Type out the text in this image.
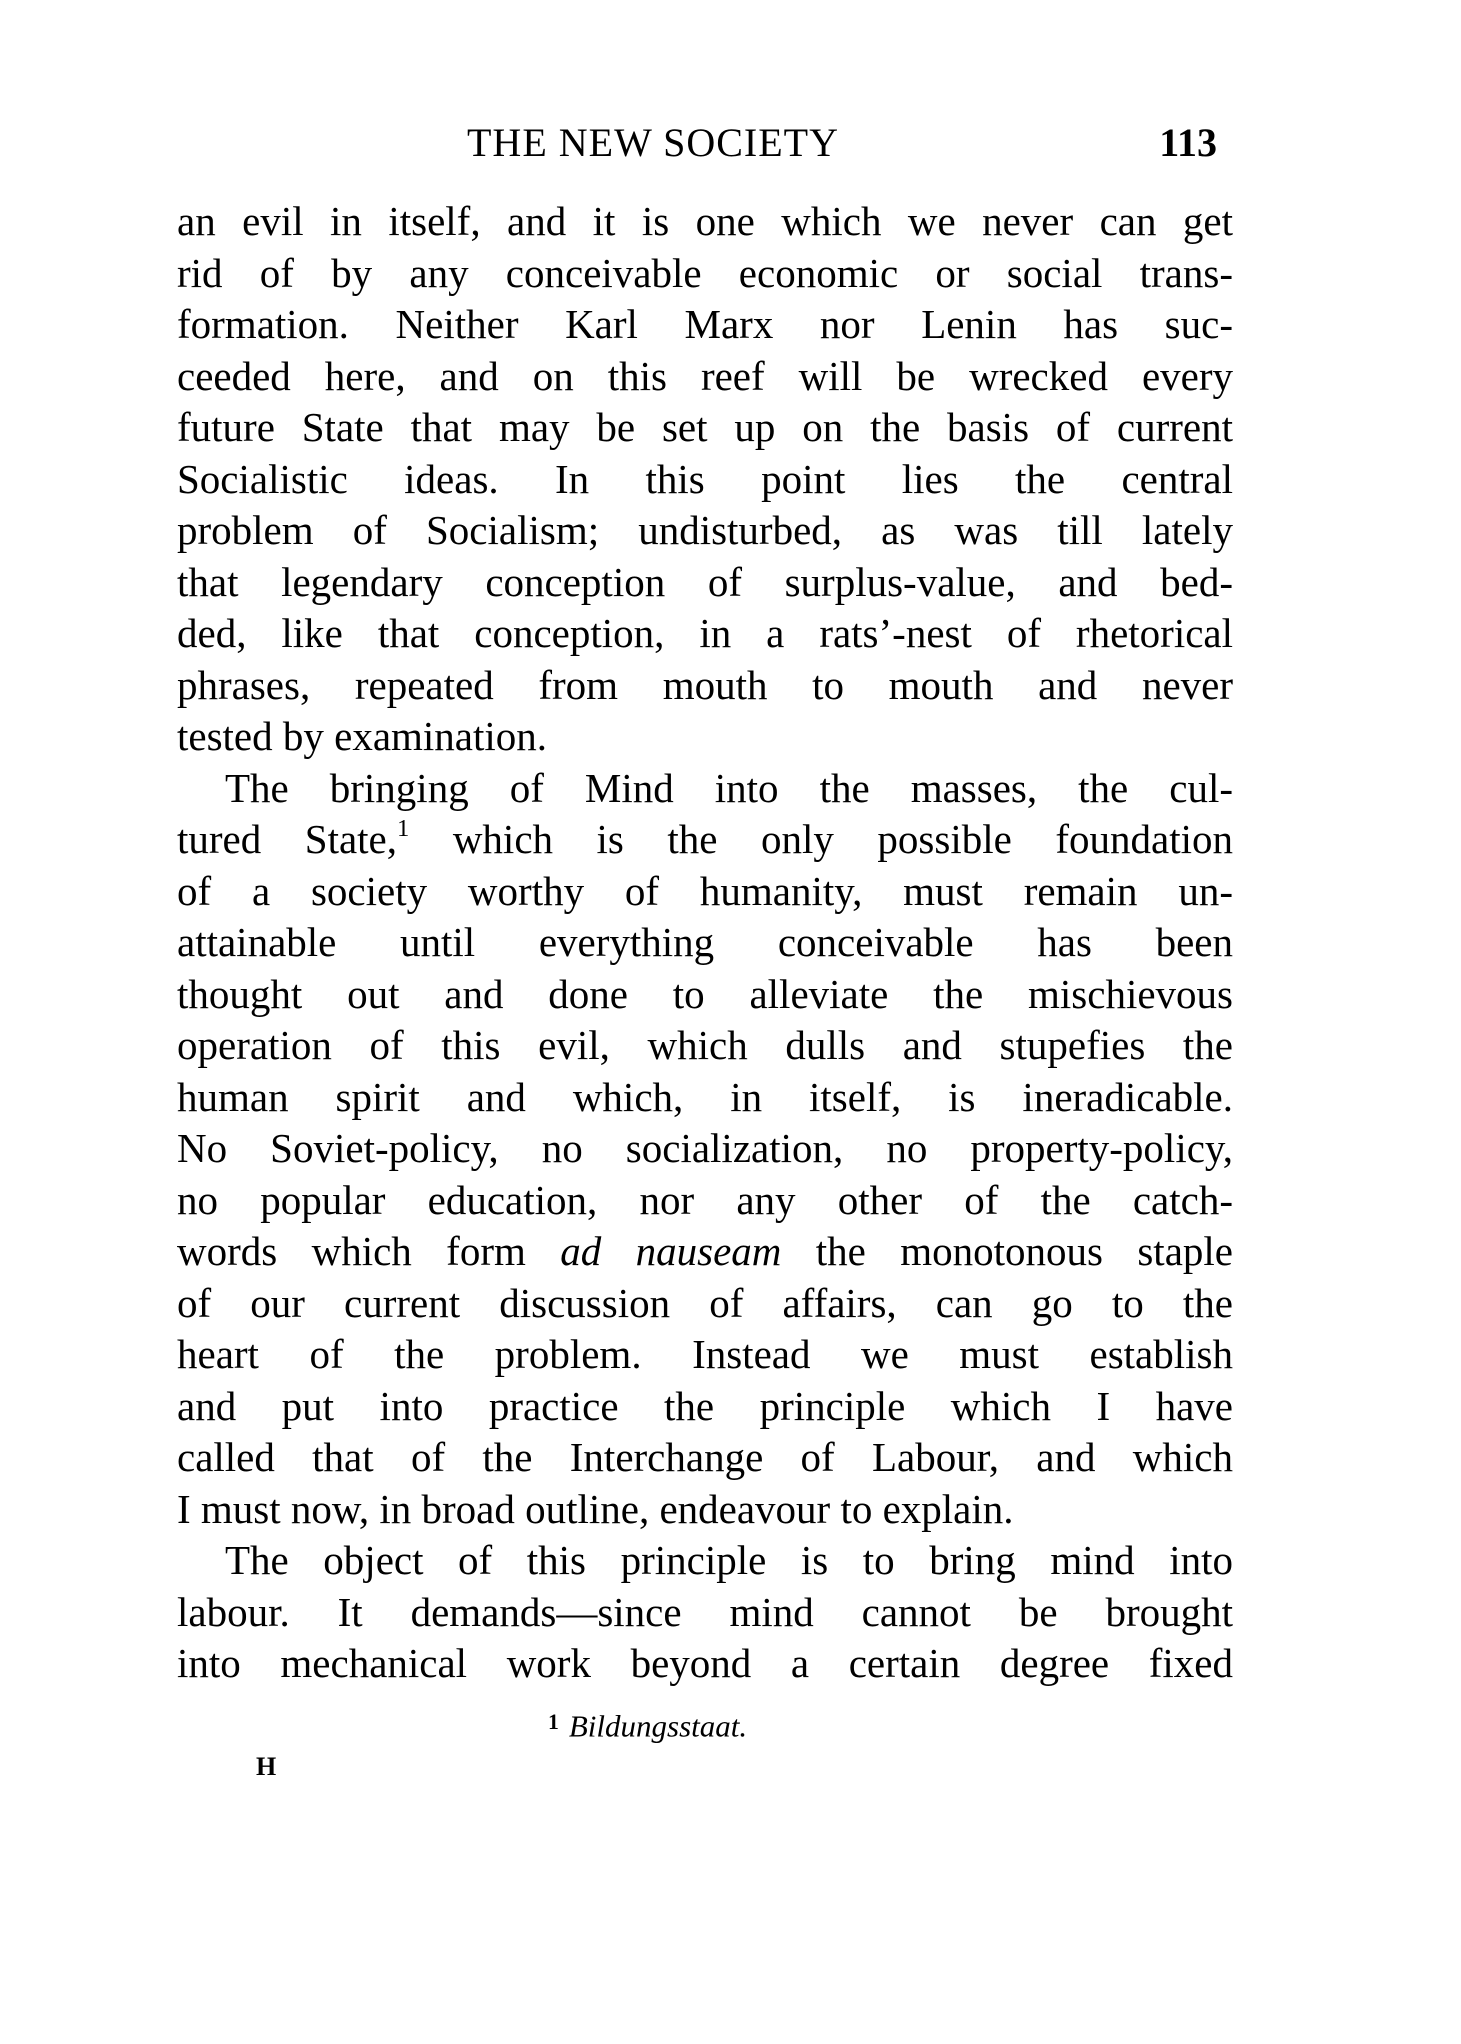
THE NEW SOCIETY	113
an evil in itself, and it is one which we never can get
rid of by any conceivable economic or social trans-
formation. Neither Karl Marx nor Lenin has suc-
ceeded here, and on this reef will be wrecked every
future State that may be set up on the basis of current
Socialistic ideas. In this point lies the central
problem of Socialism; undisturbed, as was till lately
that legendary conception of surplus-value, and bed-
ded, like that conception, in a rats’-nest of rhetorical
phrases, repeated from mouth to mouth and never
tested by examination.
The bringing of Mind into the masses, the cul-
tured State,$^1$ which is the only possible foundation
of a society worthy of humanity, must remain un-
attainable until everything conceivable has been
thought out and done to alleviate the mischievous
operation of this evil, which dulls and stupefies the
human spirit and which, in itself, is ineradicable.
No Soviet-policy, no socialization, no property-policy,
no popular education, nor any other of the catch-
words which form ad nauseam the monotonous staple
of our current discussion of affairs, can go to the
heart of the problem. Instead we must establish
and put into practice the principle which I have
called that of the Interchange of Labour, and which
I must now, in broad outline, endeavour to explain.
The object of this principle is to bring mind into
labour. It demands—since mind cannot be brought
into mechanical work beyond a certain degree fixed
$^1$ Bildungsstaat.
H
